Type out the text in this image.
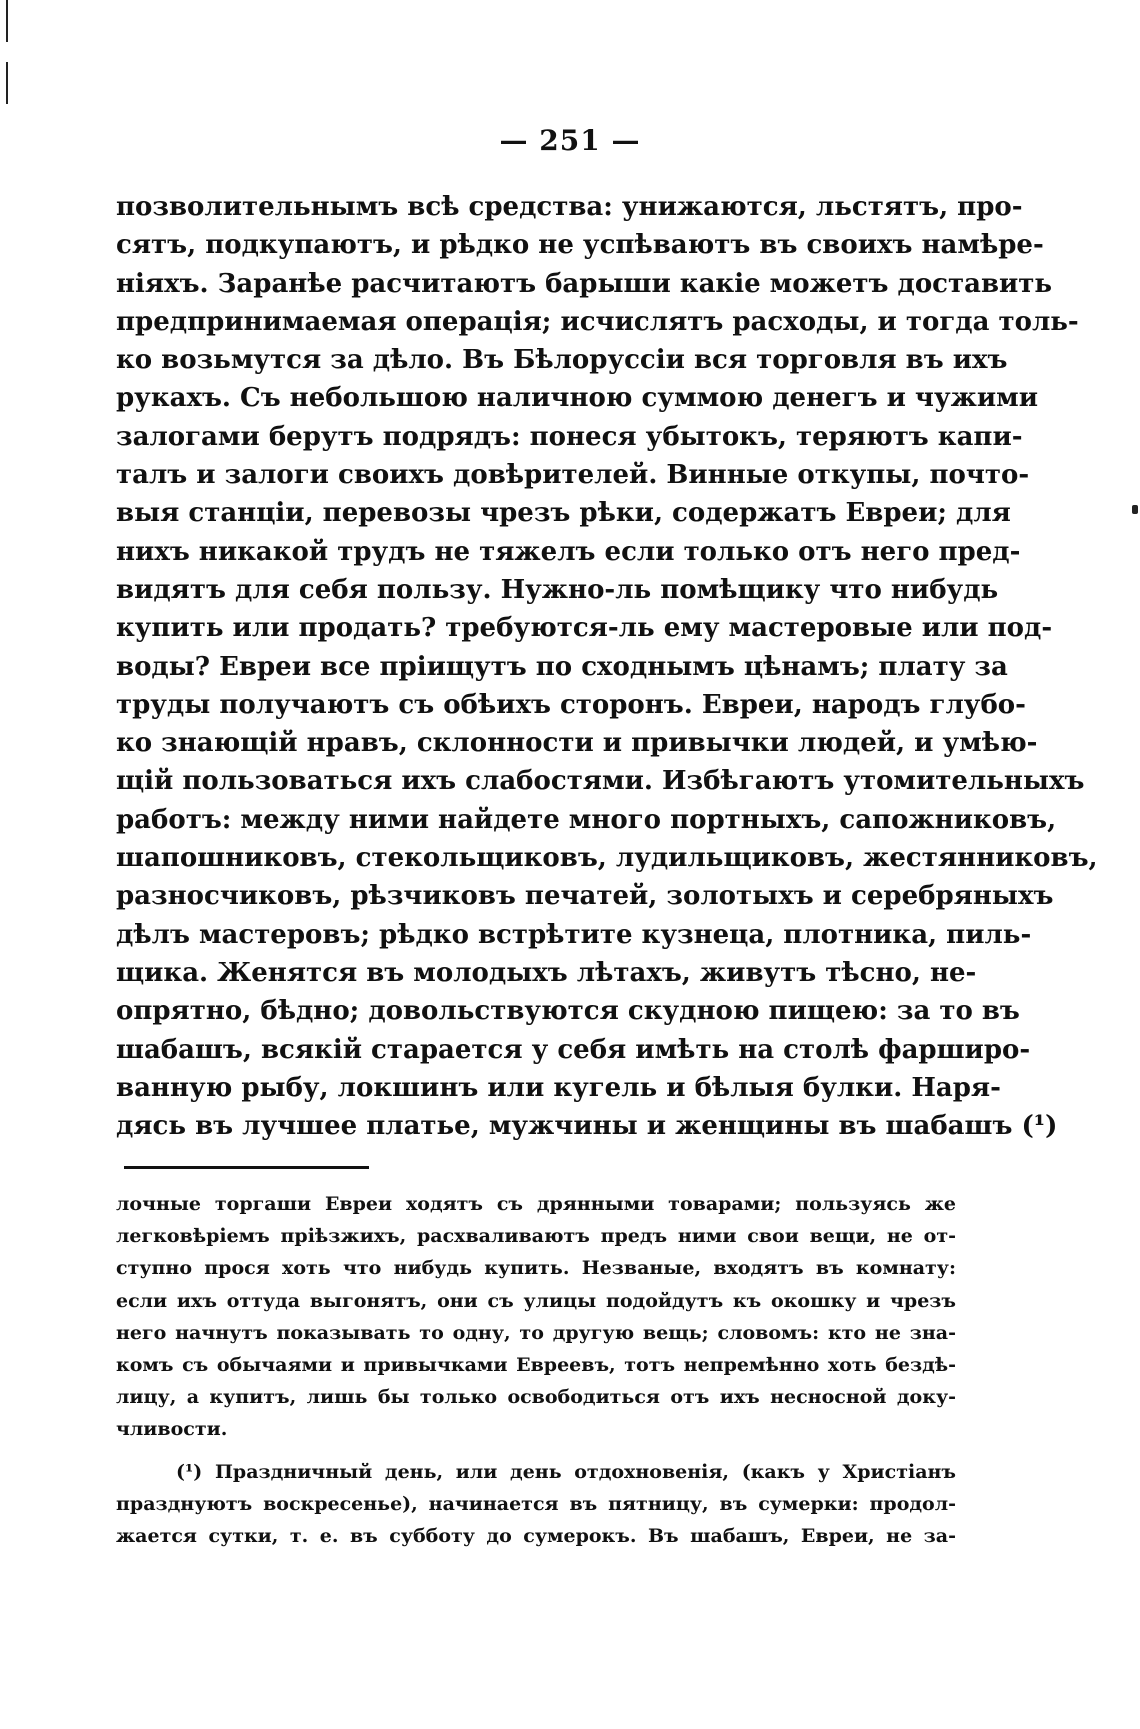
— 251 —
позволительнымъ всѣ средства: унижаются, льстятъ, про-
сятъ, подкупаютъ, и рѣдко не успѣваютъ въ своихъ намѣре-
ніяхъ. Заранѣе расчитаютъ барыши какіе можетъ доставить
предпринимаемая операція; исчислятъ расходы, и тогда толь-
ко возьмутся за дѣло. Въ Бѣлоруссіи вся торговля въ ихъ
рукахъ. Съ небольшою наличною суммою денегъ и чужими
залогами берутъ подрядъ: понеся убытокъ, теряютъ капи-
талъ и залоги своихъ довѣрителей. Винные откупы, почто-
выя станціи, перевозы чрезъ рѣки, содержатъ Евреи; для
нихъ никакой трудъ не тяжелъ если только отъ него пред-
видятъ для себя пользу. Нужно-ль помѣщику что нибудь
купить или продать? требуются-ль ему мастеровые или под-
воды? Евреи все пріищутъ по сходнымъ цѣнамъ; плату за
труды получаютъ съ обѣихъ сторонъ. Евреи, народъ глубо-
ко знающій нравъ, склонности и привычки людей, и умѣю-
щій пользоваться ихъ слабостями. Избѣгаютъ утомительныхъ
работъ: между ними найдете много портныхъ, сапожниковъ,
шапошниковъ, стекольщиковъ, лудильщиковъ, жестянниковъ,
разносчиковъ, рѣзчиковъ печатей, золотыхъ и серебряныхъ
дѣлъ мастеровъ; рѣдко встрѣтите кузнеца, плотника, пиль-
щика. Женятся въ молодыхъ лѣтахъ, живутъ тѣсно, не-
опрятно, бѣдно; довольствуются скудною пищею: за то въ
шабашъ, всякій старается у себя имѣть на столѣ фарширо-
ванную рыбу, локшинъ или кугель и бѣлыя булки. Наря-
дясь въ лучшее платье, мужчины и женщины въ шабашъ (¹)
лочные торгаши Евреи ходятъ съ дрянными товарами; пользуясь же
легковѣріемъ пріѣзжихъ, расхваливаютъ предъ ними свои вещи, не от-
ступно прося хоть что нибудь купить. Незваные, входятъ въ комнату:
если ихъ оттуда выгонятъ, они съ улицы подойдутъ къ окошку и чрезъ
него начнутъ показывать то одну, то другую вещь; словомъ: кто не зна-
комъ съ обычаями и привычками Евреевъ, тотъ непремѣнно хоть бездѣ-
лицу, а купитъ, лишь бы только освободиться отъ ихъ несносной доку-
чливости.
(¹) Праздничный день, или день отдохновенія, (какъ у Христіанъ
празднуютъ воскресенье), начинается въ пятницу, въ сумерки: продол-
жается сутки, т. е. въ субботу до сумерокъ. Въ шабашъ, Евреи, не за-
